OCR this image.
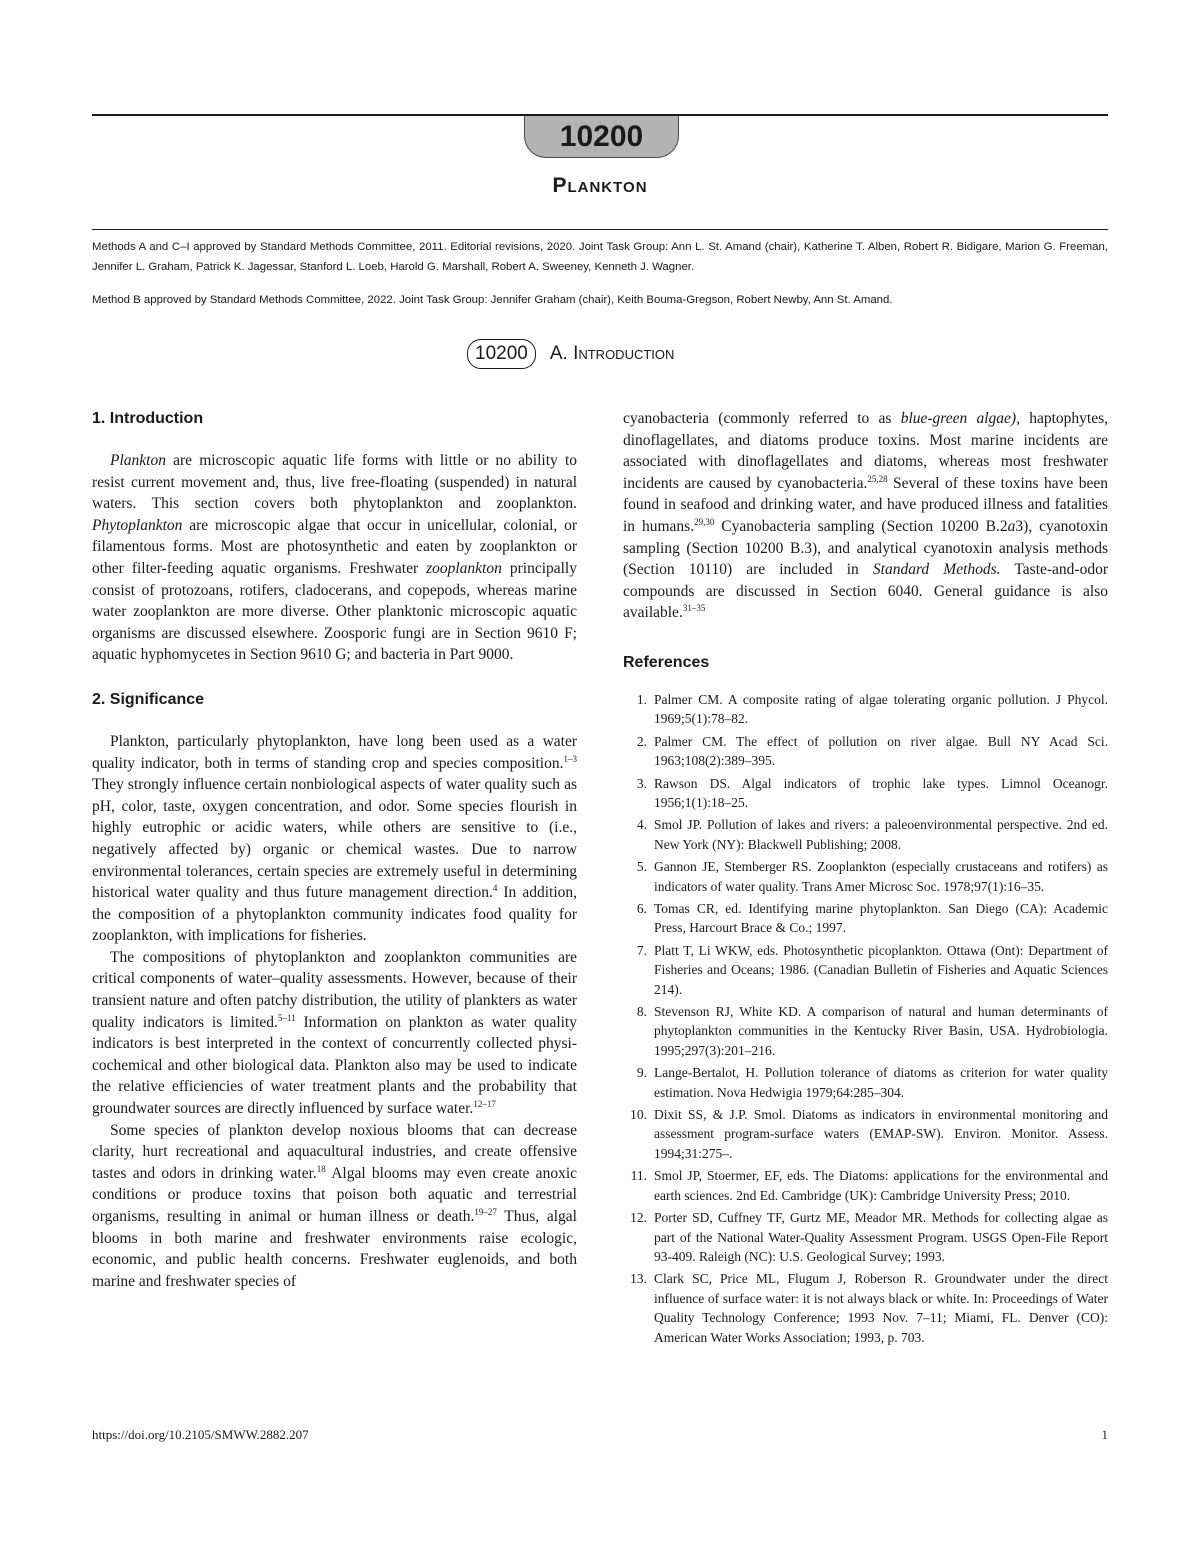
10200
Plankton

Methods A and C–I approved by Standard Methods Committee, 2011. Editorial revisions, 2020. Joint Task Group: Ann L. St. Amand (chair), Katherine T. Alben, Robert R. Bidigare, Marion G. Freeman, Jennifer L. Graham, Patrick K. Jagessar, Stanford L. Loeb, Harold G. Marshall, Robert A. Sweeney, Kenneth J. Wagner.

Method B approved by Standard Methods Committee, 2022. Joint Task Group: Jennifer Graham (chair), Keith Bouma-Gregson, Robert Newby, Ann St. Amand.

10200	A. Introduction
1. Introduction

Plankton are microscopic aquatic life forms with little or no ability to resist current movement and, thus, live free-floating (suspended) in natural waters. This section covers both phytoplankton and zooplankton. Phytoplankton are microscopic algae that occur in unicellular, colonial, or filamentous forms. Most are photosynthetic and eaten by zooplankton or other filter-feeding aquatic organisms. Freshwater zooplankton principally consist of protozoans, rotifers, cladocerans, and copepods, whereas marine water zooplankton are more diverse. Other planktonic microscopic aquatic organisms are discussed elsewhere. Zoosporic fungi are in Section 9610 F; aquatic hyphomycetes in Section 9610 G; and bacteria in Part 9000.

2. Significance

Plankton, particularly phytoplankton, have long been used as a water quality indicator, both in terms of standing crop and species composition.$^{1-3}$ They strongly influence certain nonbiological aspects of water quality such as pH, color, taste, oxygen concentration, and odor. Some species flourish in highly eutrophic or acidic waters, while others are sensitive to (i.e., negatively affected by) organic or chemical wastes. Due to narrow environmental tolerances, certain species are extremely useful in determining historical water quality and thus future management direction.$^4$ In addition, the composition of a phytoplankton community indicates food quality for zooplankton, with implications for fisheries.

The compositions of phytoplankton and zooplankton communities are critical components of water–quality assessments. However, because of their transient nature and often patchy distribution, the utility of plankters as water quality indicators is limited.$^{5-11}$ Information on plankton as water quality indicators is best interpreted in the context of concurrently collected physicochemical and other biological data. Plankton also may be used to indicate the relative efficiencies of water treatment plants and the probability that groundwater sources are directly influenced by surface water.$^{12-17}$

Some species of plankton develop noxious blooms that can decrease clarity, hurt recreational and aquacultural industries, and create offensive tastes and odors in drinking water.$^{18}$ Algal blooms may even create anoxic conditions or produce toxins that poison both aquatic and terrestrial organisms, resulting in animal or human illness or death.$^{19-27}$ Thus, algal blooms in both marine and freshwater environments raise ecologic, economic, and public health concerns. Freshwater euglenoids, and both marine and freshwater species of

cyanobacteria (commonly referred to as blue-green algae), haptophytes, dinoflagellates, and diatoms produce toxins. Most marine incidents are associated with dinoflagellates and diatoms, whereas most freshwater incidents are caused by cyanobacteria.$^{25,28}$ Several of these toxins have been found in seafood and drinking water, and have produced illness and fatalities in humans.$^{29,30}$ Cyanobacteria sampling (Section 10200 B.2a3), cyanotoxin sampling (Section 10200 B.3), and analytical cyanotoxin analysis methods (Section 10110) are included in Standard Methods. Taste-and-odor compounds are discussed in Section 6040. General guidance is also available.$^{31-35}$

References
1. Palmer CM. A composite rating of algae tolerating organic pollution. J Phycol. 1969;5(1):78–82.
2. Palmer CM. The effect of pollution on river algae. Bull NY Acad Sci. 1963;108(2):389–395.
3. Rawson DS. Algal indicators of trophic lake types. Limnol Oceanogr. 1956;1(1):18–25.
4. Smol JP. Pollution of lakes and rivers: a paleoenvironmental perspective. 2nd ed. New York (NY): Blackwell Publishing; 2008.
5. Gannon JE, Stemberger RS. Zooplankton (especially crustaceans and rotifers) as indicators of water quality. Trans Amer Microsc Soc. 1978;97(1):16–35.
6. Tomas CR, ed. Identifying marine phytoplankton. San Diego (CA): Academic Press, Harcourt Brace & Co.; 1997.
7. Platt T, Li WKW, eds. Photosynthetic picoplankton. Ottawa (Ont): Department of Fisheries and Oceans; 1986. (Canadian Bulletin of Fisheries and Aquatic Sciences 214).
8. Stevenson RJ, White KD. A comparison of natural and human determinants of phytoplankton communities in the Kentucky River Basin, USA. Hydrobiologia. 1995;297(3):201–216.
9. Lange-Bertalot, H. Pollution tolerance of diatoms as criterion for water quality estimation. Nova Hedwigia 1979;64:285–304.
10. Dixit SS, & J.P. Smol. Diatoms as indicators in environmental monitoring and assessment program-surface waters (EMAP-SW). Environ. Monitor. Assess. 1994;31:275–.
11. Smol JP, Stoermer, EF, eds. The Diatoms: applications for the environmental and earth sciences. 2nd Ed. Cambridge (UK): Cambridge University Press; 2010.
12. Porter SD, Cuffney TF, Gurtz ME, Meador MR. Methods for collecting algae as part of the National Water-Quality Assessment Program. USGS Open-File Report 93-409. Raleigh (NC): U.S. Geological Survey; 1993.
13. Clark SC, Price ML, Flugum J, Roberson R. Groundwater under the direct influence of surface water: it is not always black or white. In: Proceedings of Water Quality Technology Conference; 1993 Nov. 7–11; Miami, FL. Denver (CO): American Water Works Association; 1993, p. 703.
https://doi.org/10.2105/SMWW.2882.207	1
